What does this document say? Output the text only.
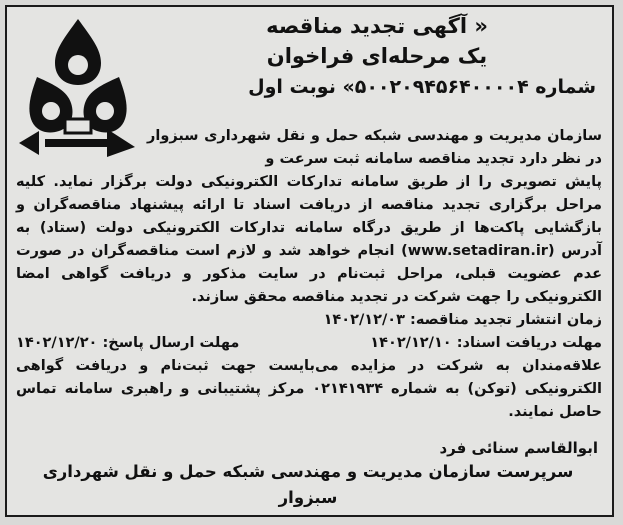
« آگهی تجدید مناقصه
یک مرحله‌ای فراخوان
شماره ۵۰۰۲۰۹۴۵۶۴۰۰۰۰۴» نوبت اول
سازمان مدیریت و مهندسی شبکه حمل و نقل شهرداری سبزوار در نظر دارد تجدید مناقصه سامانه ثبت سرعت و

پایش تصویری را از طریق سامانه تدارکات الکترونیکی دولت برگزار نماید. کلیه مراحل برگزاری تجدید مناقصه از دریافت اسناد تا ارائه پیشنهاد مناقصه‌گران و بازگشایی پاکت‌ها از طریق درگاه سامانه تدارکات الکترونیکی دولت (ستاد) به آدرس (www.setadiran.ir) انجام خواهد شد و لازم است مناقصه‌گران در صورت عدم عضویت قبلی، مراحل ثبت‌نام در سایت مذکور و دریافت گواهی امضا الکترونیکی را جهت شرکت در تجدید مناقصه محقق سازند.

زمان انتشار تجدید مناقصه: ۱۴۰۲/۱۲/۰۳

مهلت دریافت اسناد: ۱۴۰۲/۱۲/۱۰
مهلت ارسال پاسخ: ۱۴۰۲/۱۲/۲۰

علاقه‌مندان به شرکت در مزایده می‌بایست جهت ثبت‌نام و دریافت گواهی الکترونیکی (توکن) به شماره ۰۲۱۴۱۹۳۴ مرکز پشتیبانی و راهبری سامانه تماس حاصل نمایند.

ابوالقاسم سنائی فرد
سرپرست سازمان مدیریت و مهندسی شبکه حمل و نقل شهرداری سبزوار
